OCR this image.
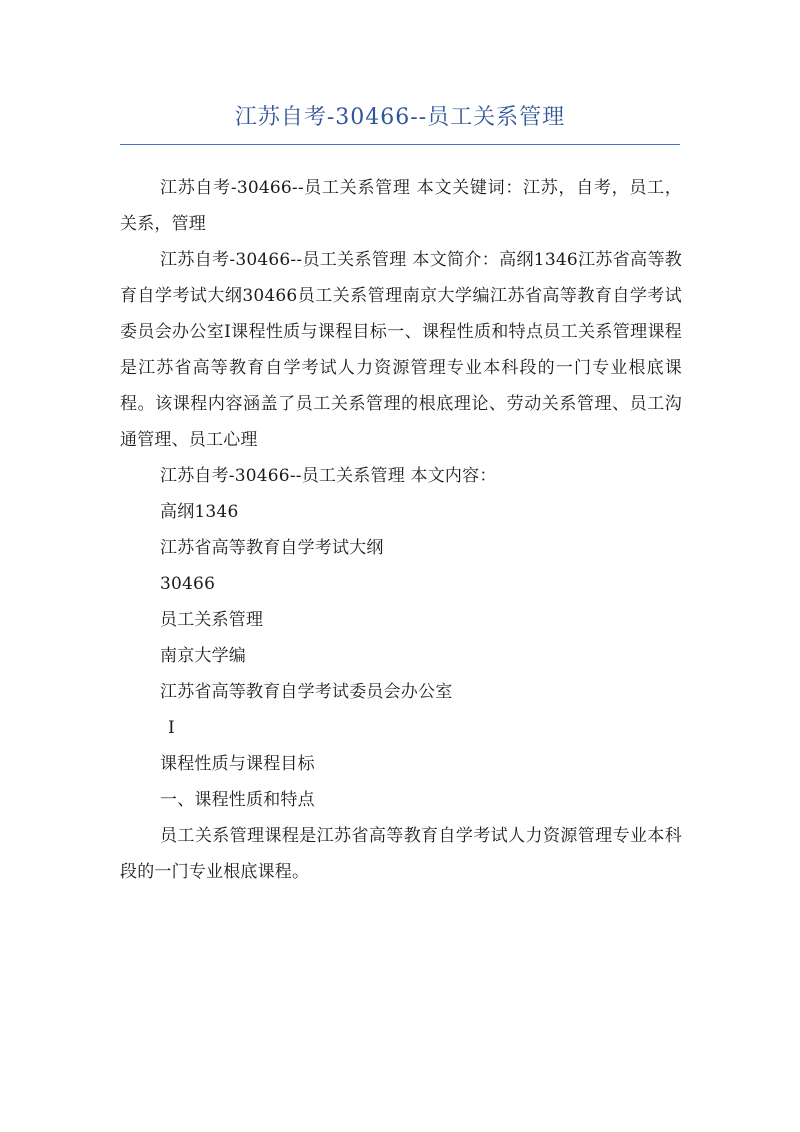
江苏自考-30466--员工关系管理

江苏自考-30466--员工关系管理 本文关键词：江苏，自考，员工，关系，管理

江苏自考-30466--员工关系管理 本文简介：高纲1346江苏省高等教育自学考试大纲30466员工关系管理南京大学编江苏省高等教育自学考试委员会办公室Ⅰ课程性质与课程目标一、课程性质和特点员工关系管理课程是江苏省高等教育自学考试人力资源管理专业本科段的一门专业根底课程。该课程内容涵盖了员工关系管理的根底理论、劳动关系管理、员工沟通管理、员工心理

江苏自考-30466--员工关系管理 本文内容：

高纲1346

江苏省高等教育自学考试大纲

30466

员工关系管理

南京大学编

江苏省高等教育自学考试委员会办公室

Ⅰ

课程性质与课程目标

一、课程性质和特点

员工关系管理课程是江苏省高等教育自学考试人力资源管理专业本科段的一门专业根底课程。
